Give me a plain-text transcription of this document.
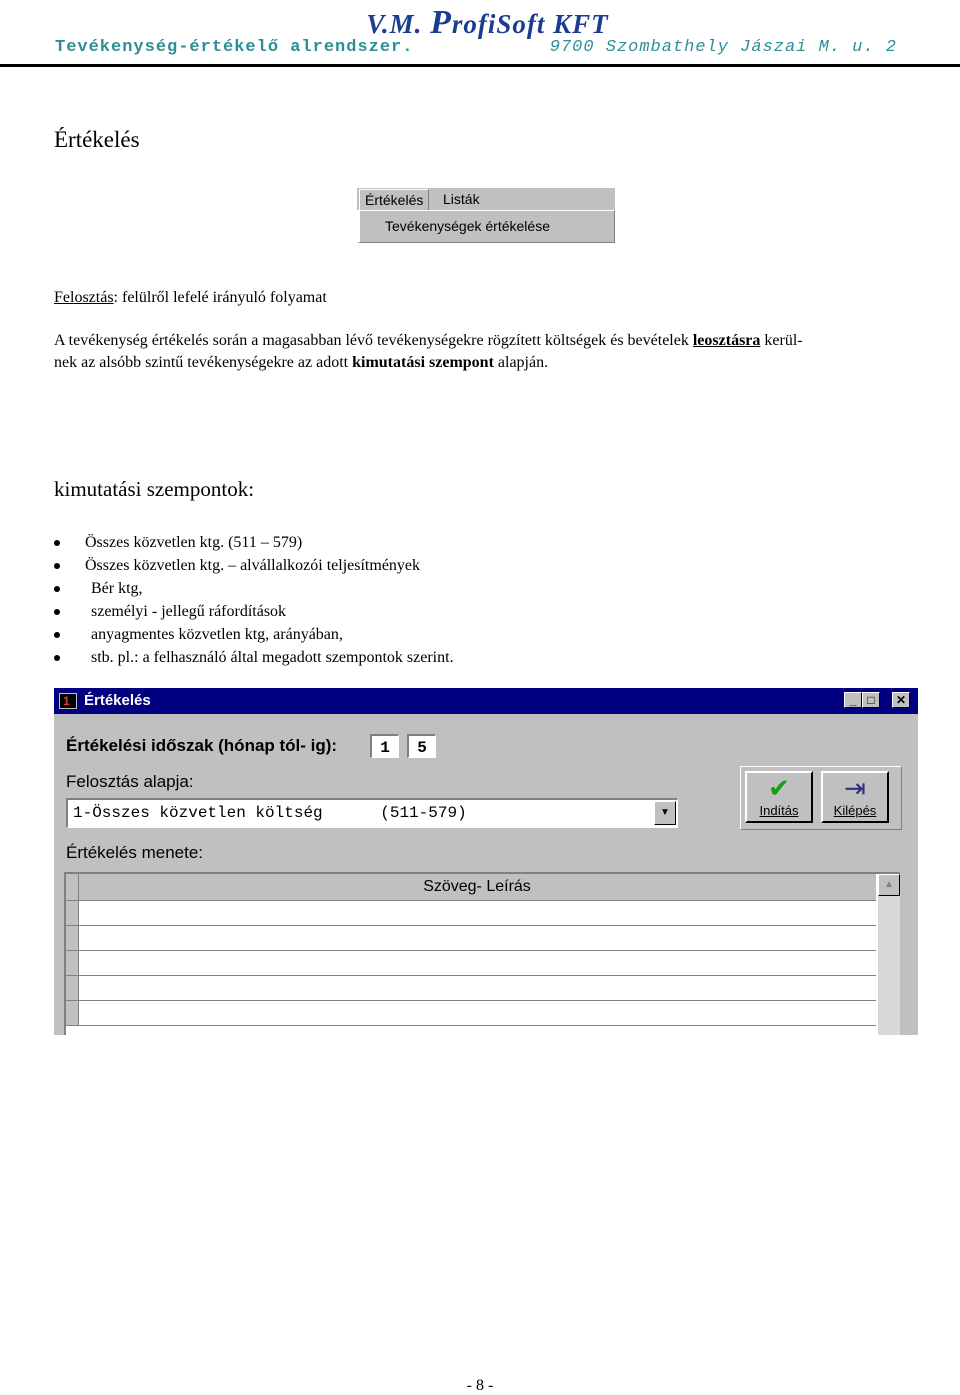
V.M. ProfiSoft KFT
Tevékenység-értékelő alrendszer.	9700 Szombathely Jászai M. u. 2
Értékelés
Értékelés	Listák
Tevékenységek értékelése
Felosztás: felülről lefelé irányuló folyamat
A tevékenység értékelés során a magasabban lévő tevékenységekre rögzített költségek és bevételek leosztásra kerül-
nek az alsóbb szintű tevékenységekre az adott kimutatási szempont alapján.
kimutatási szempontok:
Összes közvetlen ktg. (511 – 579)
Összes közvetlen ktg. – alvállalkozói teljesítmények
Bér ktg,
személyi - jellegű ráfordítások
anyagmentes közvetlen ktg, arányában,
stb. pl.: a felhasználó által megadott szempontok szerint.
1 Értékelés	_ □	✕
Értékelési időszak (hónap tól- ig):	1	5
Felosztás alapja:
1-Összes közvetlen költség      (511-579)	▼
✔
Indítás
⇥
Kilépés
Értékelés menete:
Szöveg- Leírás	▲
- 8 -
